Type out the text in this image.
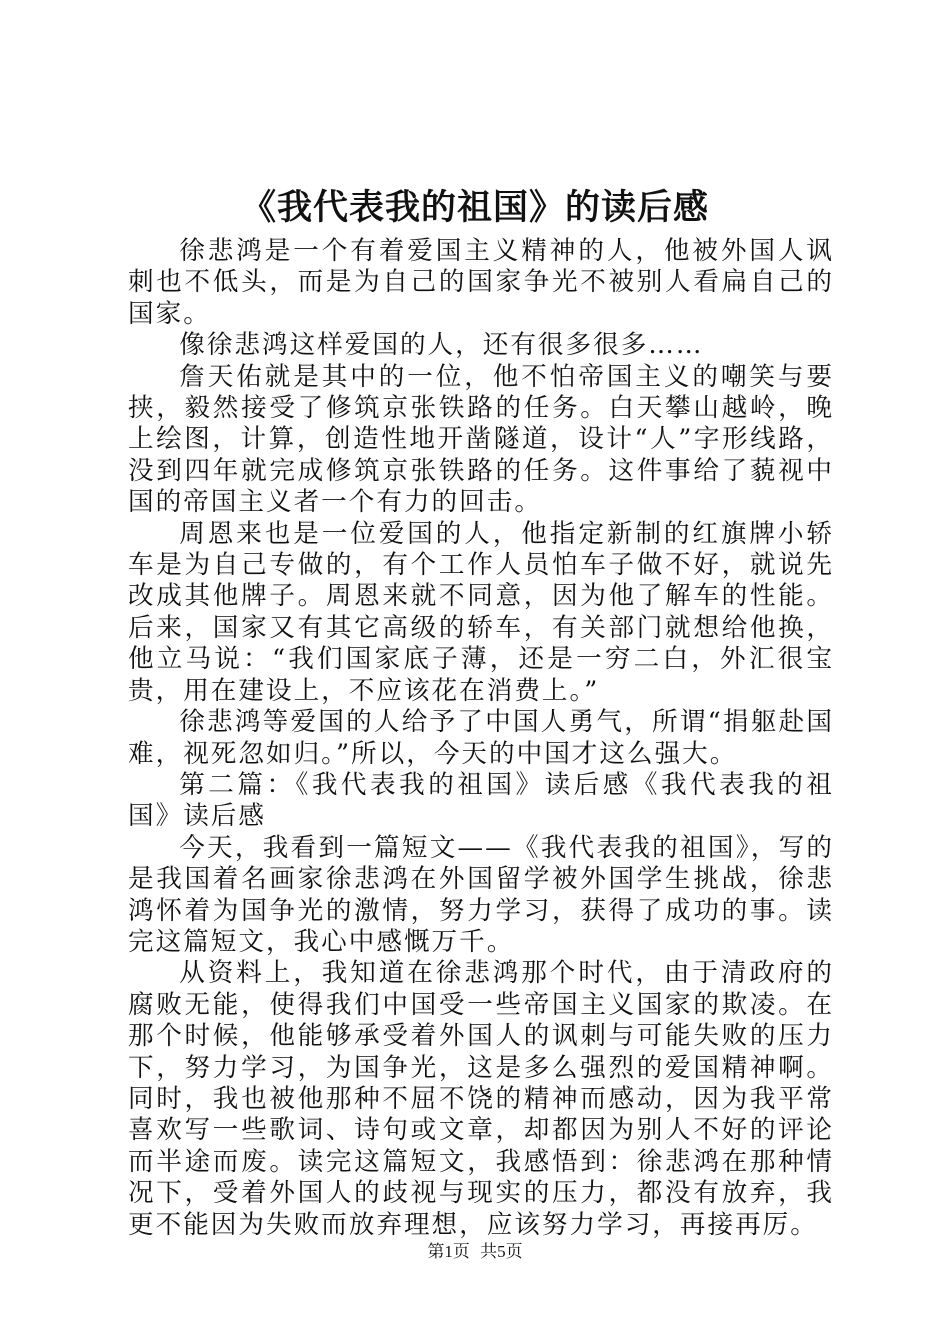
《我代表我的祖国》的读后感

徐悲鸿是一个有着爱国主义精神的人，他被外国人讽刺也不低头，而是为自己的国家争光不被别人看扁自己的国家。

像徐悲鸿这样爱国的人，还有很多很多……

詹天佑就是其中的一位，他不怕帝国主义的嘲笑与要挟，毅然接受了修筑京张铁路的任务。白天攀山越岭，晚上绘图，计算，创造性地开凿隧道，设计“人”字形线路，没到四年就完成修筑京张铁路的任务。这件事给了藐视中国的帝国主义者一个有力的回击。

周恩来也是一位爱国的人，他指定新制的红旗牌小轿车是为自己专做的，有个工作人员怕车子做不好，就说先改成其他牌子。周恩来就不同意，因为他了解车的性能。后来，国家又有其它高级的轿车，有关部门就想给他换，他立马说：“我们国家底子薄，还是一穷二白，外汇很宝贵，用在建设上，不应该花在消费上。”

徐悲鸿等爱国的人给予了中国人勇气，所谓“捐躯赴国难，视死忽如归。”所以，今天的中国才这么强大。

第二篇：《我代表我的祖国》读后感《我代表我的祖国》读后感

今天，我看到一篇短文——《我代表我的祖国》，写的是我国着名画家徐悲鸿在外国留学被外国学生挑战，徐悲鸿怀着为国争光的激情，努力学习，获得了成功的事。读完这篇短文，我心中感慨万千。

从资料上，我知道在徐悲鸿那个时代，由于清政府的腐败无能，使得我们中国受一些帝国主义国家的欺凌。在那个时候，他能够承受着外国人的讽刺与可能失败的压力下，努力学习，为国争光，这是多么强烈的爱国精神啊。同时，我也被他那种不屈不饶的精神而感动，因为我平常喜欢写一些歌词、诗句或文章，却都因为别人不好的评论而半途而废。读完这篇短文，我感悟到：徐悲鸿在那种情况下，受着外国人的歧视与现实的压力，都没有放弃，我更不能因为失败而放弃理想，应该努力学习，再接再厉。

第1页 共5页
